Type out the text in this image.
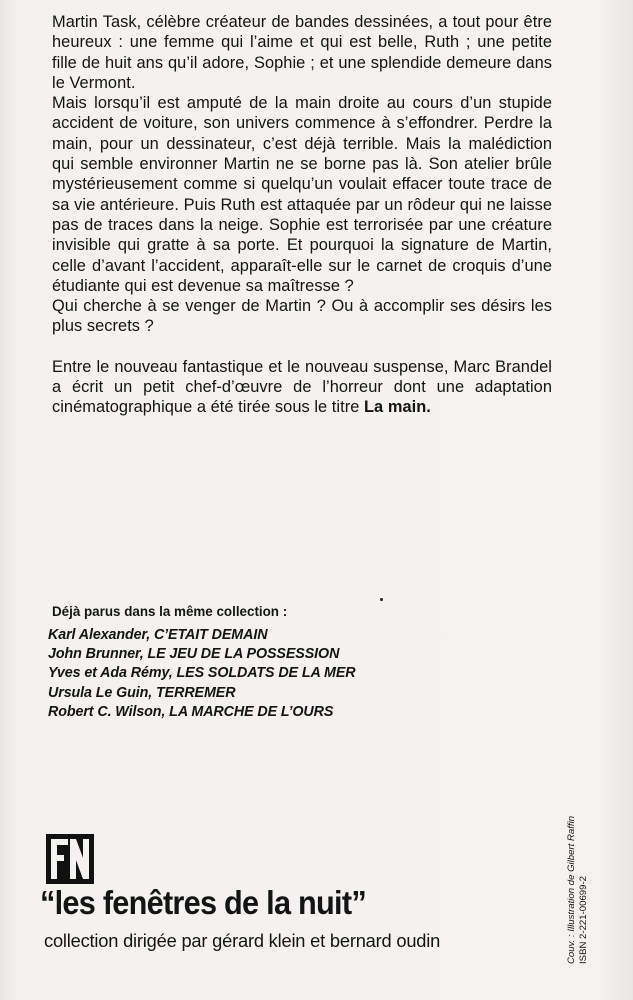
Martin Task, célèbre créateur de bandes dessinées, a tout pour être heureux : une femme qui l’aime et qui est belle, Ruth ; une petite fille de huit ans qu’il adore, Sophie ; et une splendide demeure dans le Vermont.

Mais lorsqu’il est amputé de la main droite au cours d’un stupide accident de voiture, son univers commence à s’effondrer. Perdre la main, pour un dessinateur, c’est déjà terrible. Mais la malédiction qui semble environner Martin ne se borne pas là. Son atelier brûle mystérieusement comme si quelqu’un voulait effacer toute trace de sa vie antérieure. Puis Ruth est attaquée par un rôdeur qui ne laisse pas de traces dans la neige. Sophie est terrorisée par une créature invisible qui gratte à sa porte. Et pourquoi la signature de Martin, celle d’avant l’accident, apparaît-elle sur le carnet de croquis d’une étudiante qui est devenue sa maîtresse ?

Qui cherche à se venger de Martin ? Ou à accomplir ses désirs les plus secrets ?

Entre le nouveau fantastique et le nouveau suspense, Marc Brandel a écrit un petit chef-d’œuvre de l’horreur dont une adaptation cinématographique a été tirée sous le titre La main.

Déjà parus dans la même collection :
Karl Alexander, C’ETAIT DEMAIN
John Brunner, LE JEU DE LA POSSESSION
Yves et Ada Rémy, LES SOLDATS DE LA MER
Ursula Le Guin, TERREMER
Robert C. Wilson, LA MARCHE DE L’OURS
“les fenêtres de la nuit”
collection dirigée par gérard klein et bernard oudin	Couv. : Illustration de Gilbert Raffin ISBN 2-221-00699-2
